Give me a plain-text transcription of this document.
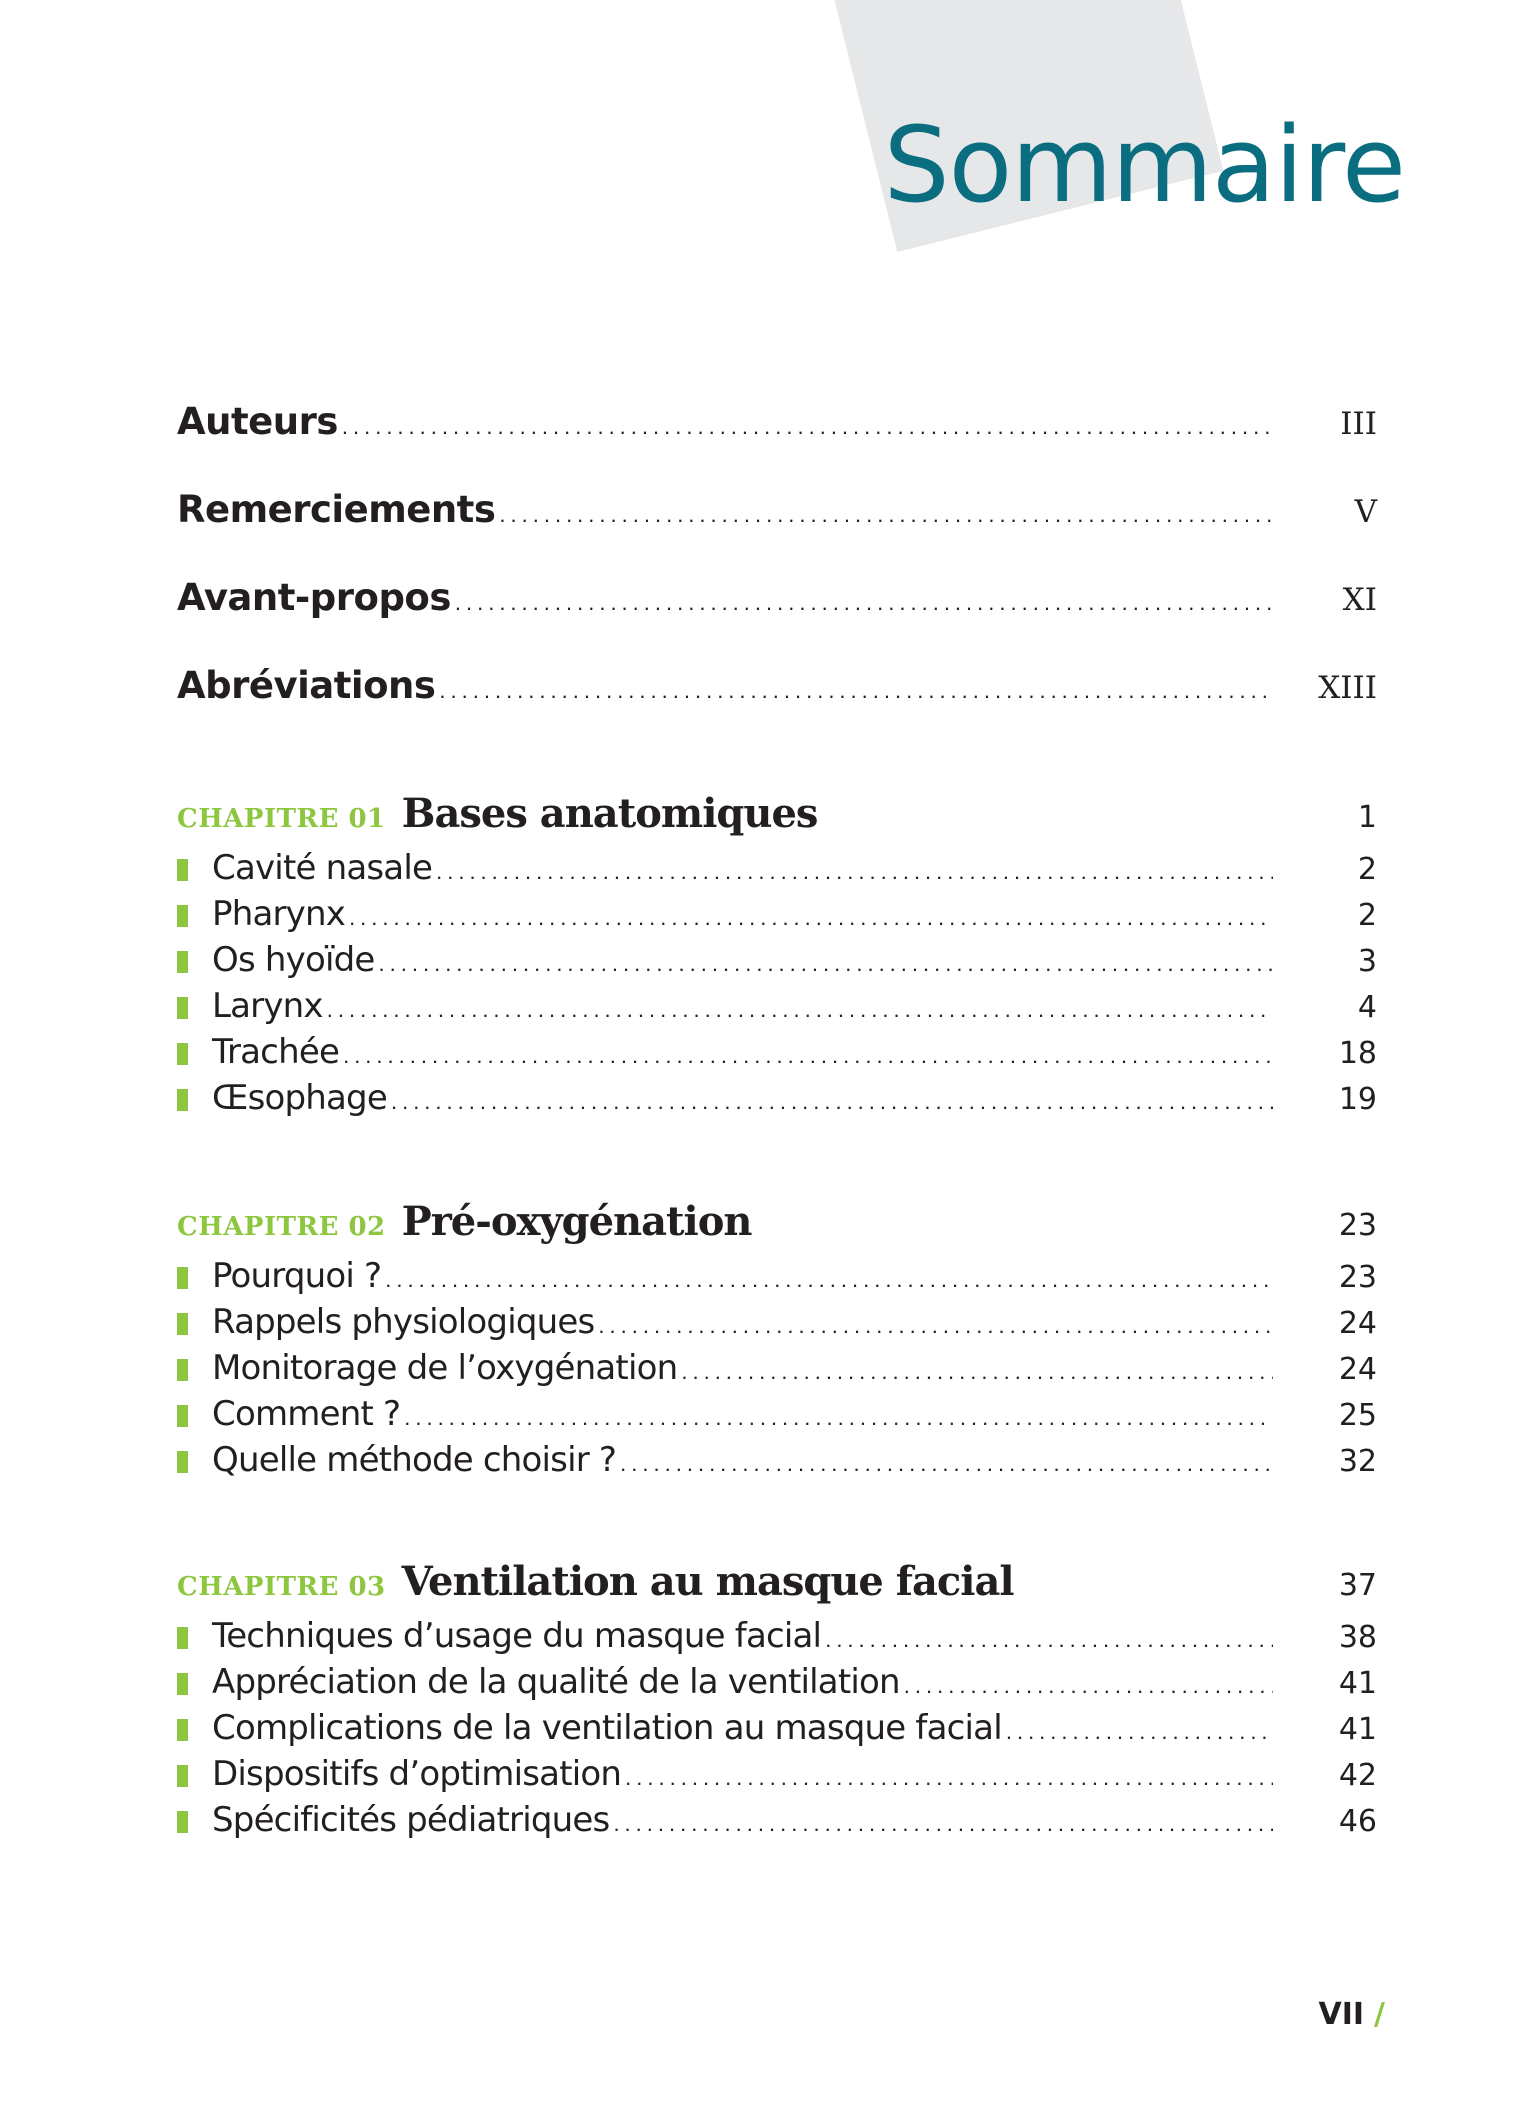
Sommaire
Auteurs .....	III
Remerciements .....	V
Avant-propos .....	XI
Abréviations .....	XIII
CHAPITRE 01 Bases anatomiques	1
Cavité nasale .....	2
Pharynx .....	2
Os hyoïde .....	3
Larynx .....	4
Trachée .....	18
Œsophage .....	19
CHAPITRE 02 Pré-oxygénation	23
Pourquoi ? .....	23
Rappels physiologiques .....	24
Monitorage de l’oxygénation .....	24
Comment ? .....	25
Quelle méthode choisir ? .....	32
CHAPITRE 03 Ventilation au masque facial	37
Techniques d’usage du masque facial .....	38
Appréciation de la qualité de la ventilation .....	41
Complications de la ventilation au masque facial .....	41
Dispositifs d’optimisation .....	42
Spécificités pédiatriques .....	46
VII /
